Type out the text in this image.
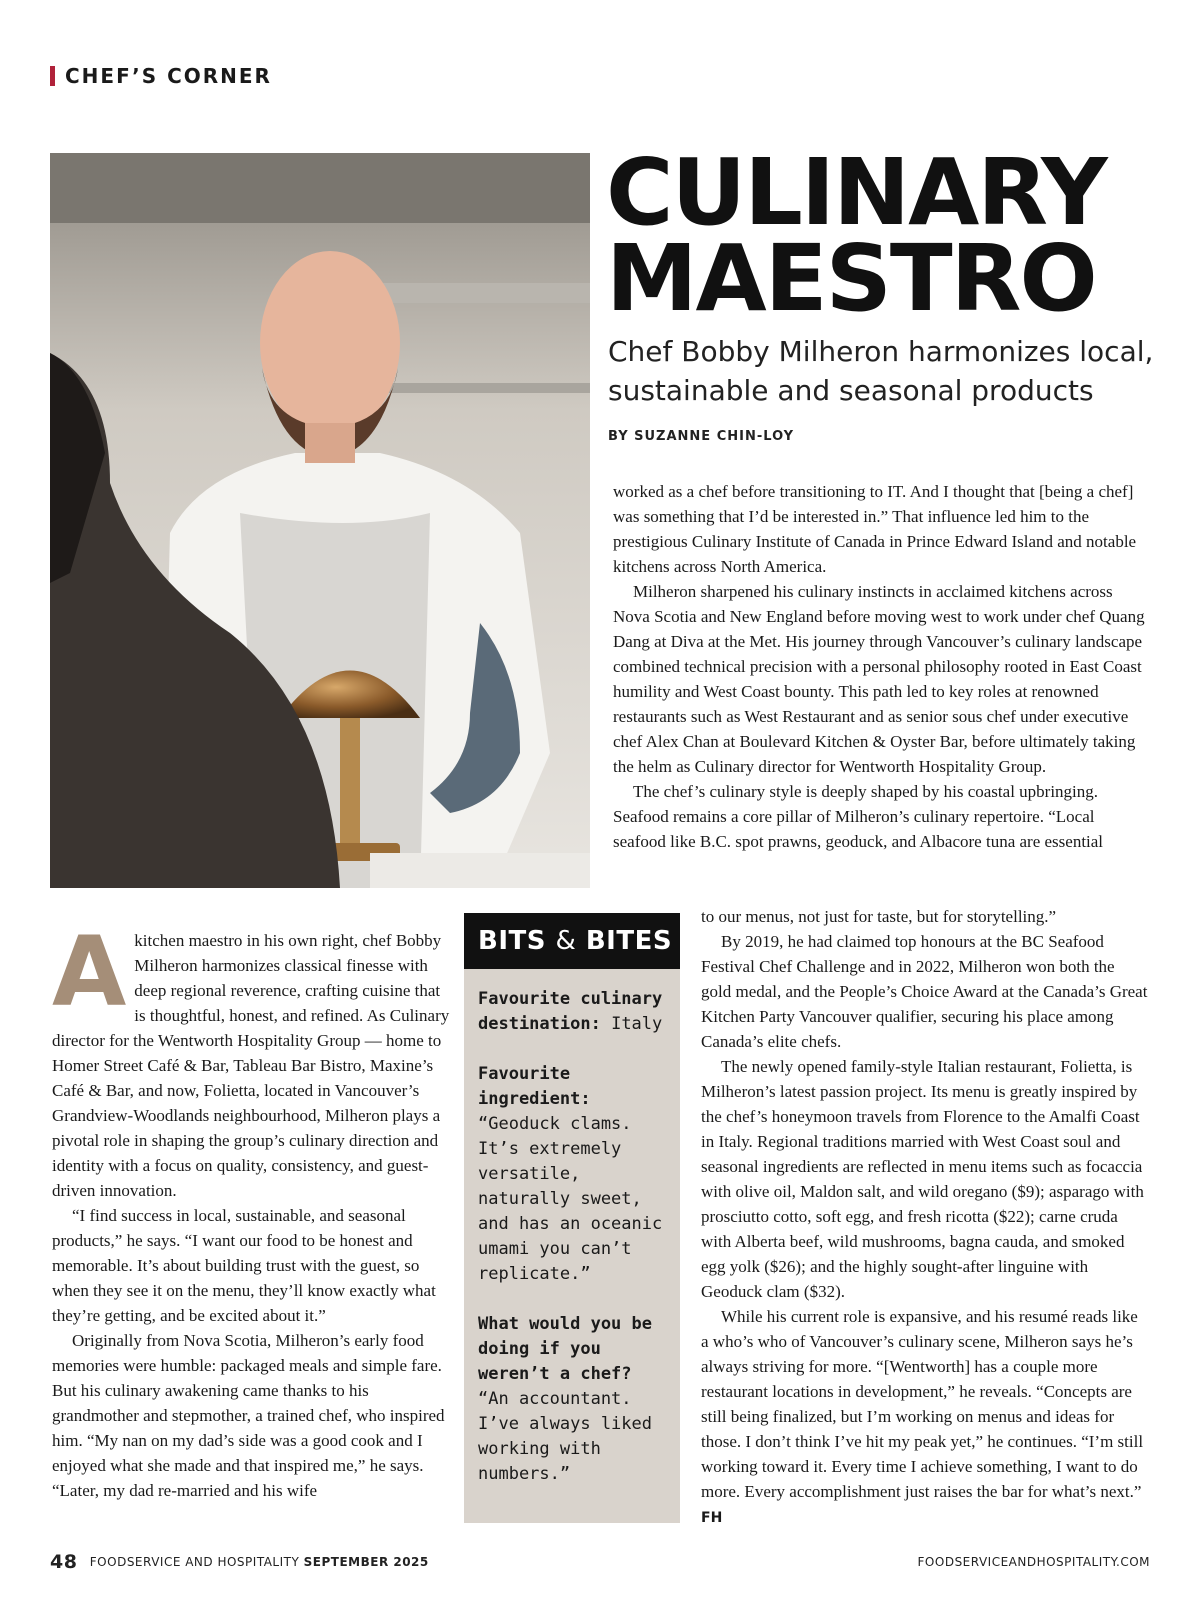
CHEF’S CORNER
CULINARY
MAESTRO
Chef Bobby Milheron harmonizes local, sustainable and seasonal products
BY SUZANNE CHIN-LOY

worked as a chef before transitioning to IT. And I thought that [being a chef] was something that I’d be interested in.” That influence led him to the prestigious Culinary Institute of Canada in Prince Edward Island and notable kitchens across North America.

Milheron sharpened his culinary instincts in acclaimed kitchens across Nova Scotia and New England before moving west to work under chef Quang Dang at Diva at the Met. His journey through Vancouver’s culinary landscape combined technical precision with a personal philosophy rooted in East Coast humility and West Coast bounty. This path led to key roles at renowned restaurants such as West Restaurant and as senior sous chef under executive chef Alex Chan at Boulevard Kitchen & Oyster Bar, before ultimately taking the helm as Culinary director for Wentworth Hospitality Group.

The chef’s culinary style is deeply shaped by his coastal upbringing. Seafood remains a core pillar of Milheron’s culinary repertoire. “Local seafood like B.C. spot prawns, geoduck, and Albacore tuna are essential

A kitchen maestro in his own right, chef Bobby Milheron harmonizes classical finesse with deep regional reverence, crafting cuisine that is thoughtful, honest, and refined. As Culinary director for the Wentworth Hospitality Group — home to Homer Street Café & Bar, Tableau Bar Bistro, Maxine’s Café & Bar, and now, Folietta, located in Vancouver’s Grandview-Woodlands neighbourhood, Milheron plays a pivotal role in shaping the group’s culinary direction and identity with a focus on quality, consistency, and guest-driven innovation.

“I find success in local, sustainable, and seasonal products,” he says. “I want our food to be honest and memorable. It’s about building trust with the guest, so when they see it on the menu, they’ll know exactly what they’re getting, and be excited about it.”

Originally from Nova Scotia, Milheron’s early food memories were humble: packaged meals and simple fare. But his culinary awakening came thanks to his grandmother and stepmother, a trained chef, who inspired him. “My nan on my dad’s side was a good cook and I enjoyed what she made and that inspired me,” he says. “Later, my dad re-married and his wife

BITS & BITES
Favourite culinary destination: Italy
Favourite ingredient:
“Geoduck clams. It’s extremely versatile, naturally sweet, and has an oceanic umami you can’t replicate.”
What would you be doing if you weren’t a chef?
“An accountant. I’ve always liked working with numbers.”

to our menus, not just for taste, but for storytelling.”

By 2019, he had claimed top honours at the BC Seafood Festival Chef Challenge and in 2022, Milheron won both the gold medal, and the People’s Choice Award at the Canada’s Great Kitchen Party Vancouver qualifier, securing his place among Canada’s elite chefs.

The newly opened family-style Italian restaurant, Folietta, is Milheron’s latest passion project. Its menu is greatly inspired by the chef’s honeymoon travels from Florence to the Amalfi Coast in Italy. Regional traditions married with West Coast soul and seasonal ingredients are reflected in menu items such as focaccia with olive oil, Maldon salt, and wild oregano ($9); asparago with prosciutto cotto, soft egg, and fresh ricotta ($22); carne cruda with Alberta beef, wild mushrooms, bagna cauda, and smoked egg yolk ($26); and the highly sought-after linguine with Geoduck clam ($32).

While his current role is expansive, and his resumé reads like a who’s who of Vancouver’s culinary scene, Milheron says he’s always striving for more. “[Wentworth] has a couple more restaurant locations in development,” he reveals. “Concepts are still being finalized, but I’m working on menus and ideas for those. I don’t think I’ve hit my peak yet,” he continues. “I’m still working toward it. Every time I achieve something, I want to do more. Every accomplishment just raises the bar for what’s next.” FH

48 FOODSERVICE AND HOSPITALITY SEPTEMBER 2025	FOODSERVICEANDHOSPITALITY.COM
